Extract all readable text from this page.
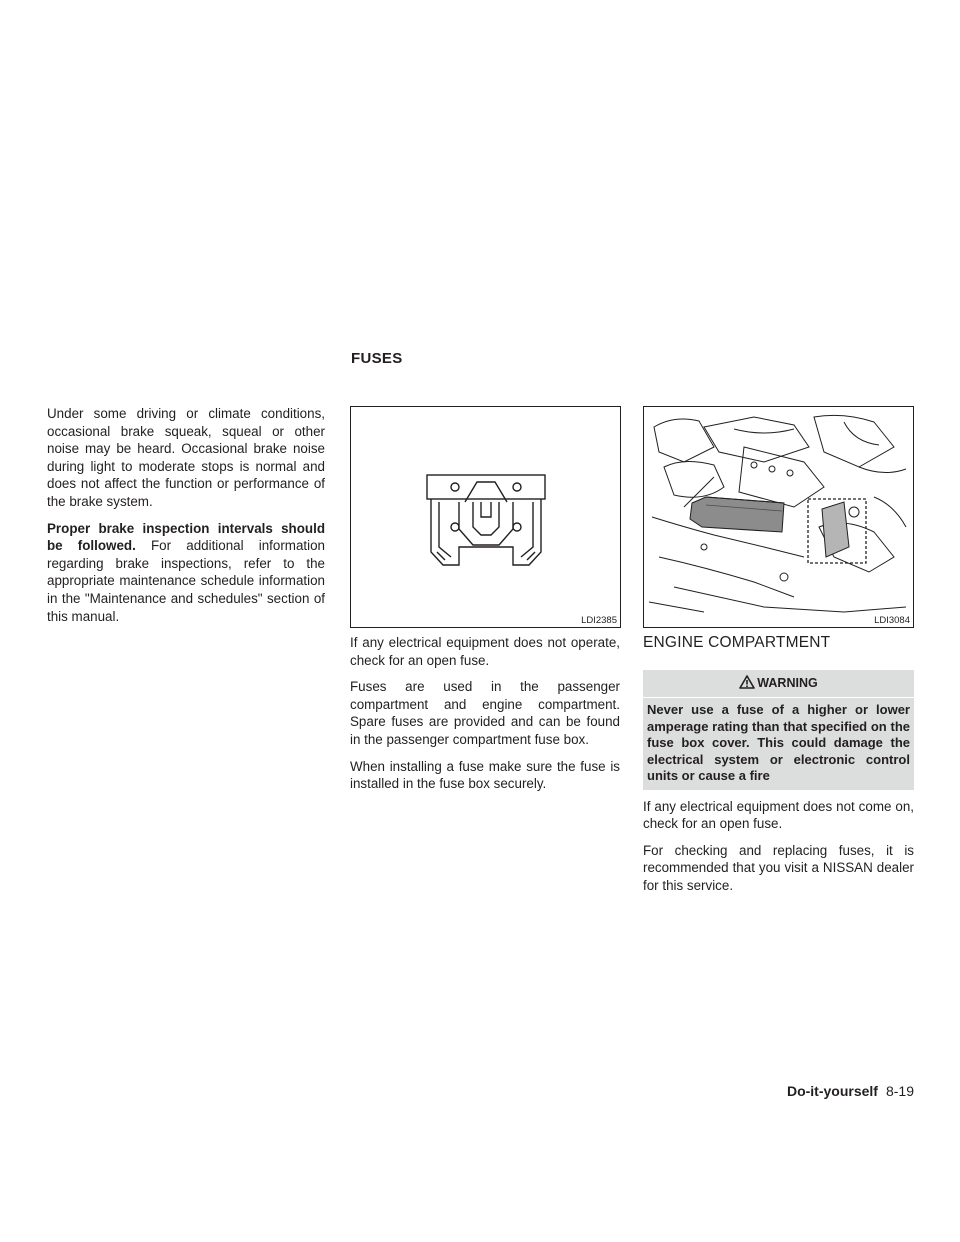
FUSES

Under some driving or climate conditions, occasional brake squeak, squeal or other noise may be heard. Occasional brake noise during light to moderate stops is normal and does not affect the function or performance of the brake system.

Proper brake inspection intervals should be followed. For additional information regarding brake inspections, refer to the appropriate maintenance schedule information in the "Maintenance and schedules" section of this manual.	LDI2385	LDI3084

If any electrical equipment does not operate, check for an open fuse.

Fuses are used in the passenger compartment and engine compartment. Spare fuses are provided and can be found in the passenger compartment fuse box.

When installing a fuse make sure the fuse is installed in the fuse box securely.

ENGINE COMPARTMENT
WARNING
Never use a fuse of a higher or lower amperage rating than that specified on the fuse box cover. This could damage the electrical system or electronic control units or cause a fire

If any electrical equipment does not come on, check for an open fuse.

For checking and replacing fuses, it is recommended that you visit a NISSAN dealer for this service.

Do-it-yourself 8-19
